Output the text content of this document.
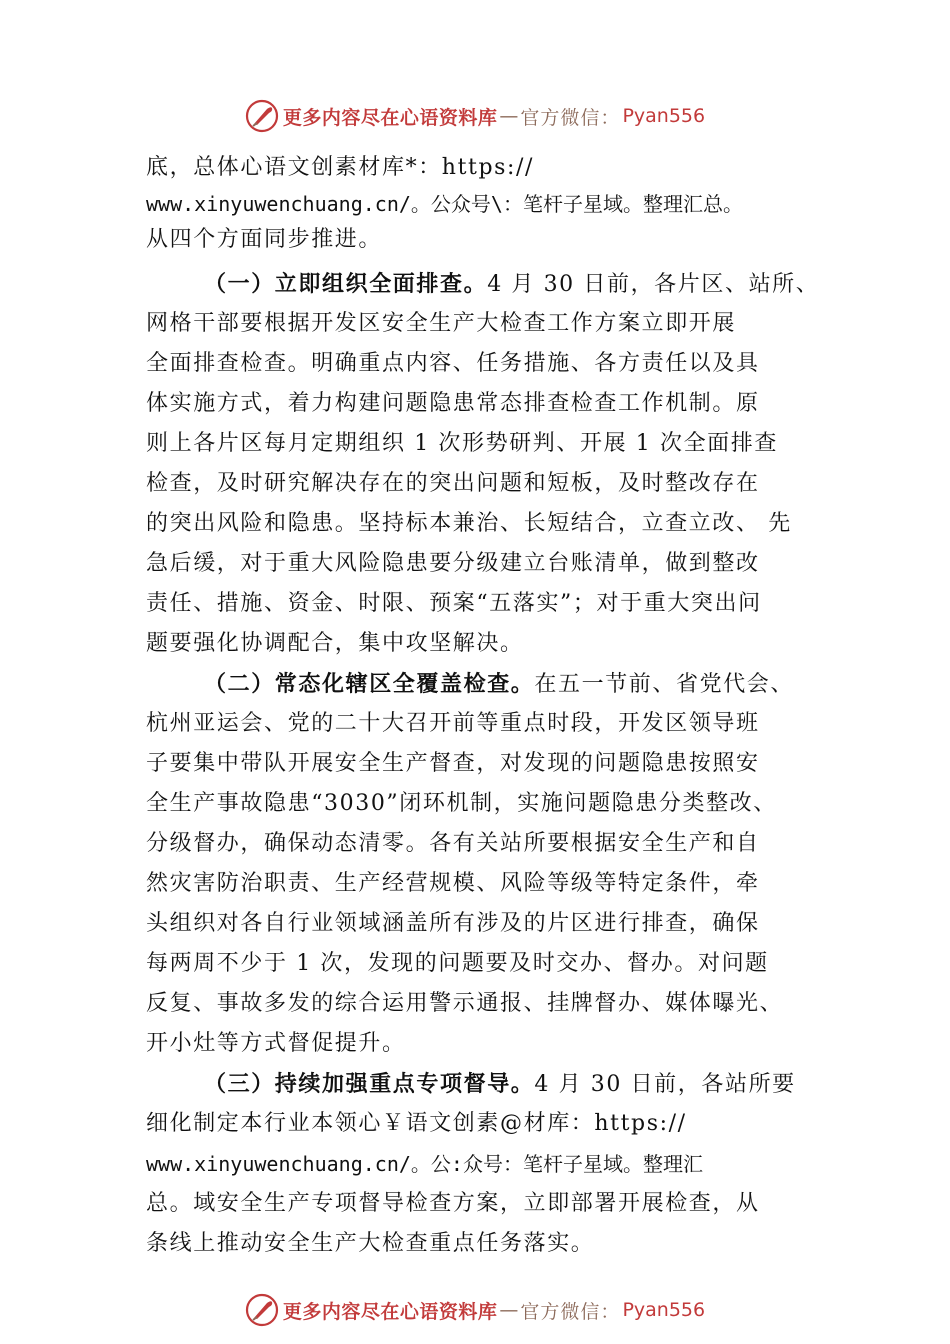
更多内容尽在心语资料库 — 官方微信： Pyan556
底，总体心语文创素材库*：https://
www.xinyuwenchuang.cn/。公众号\：笔杆子星域。整理汇总。
从四个方面同步推进。
（一）立即组织全面排查。4 月 30 日前，各片区、站所、
网格干部要根据开发区安全生产大检查工作方案立即开展
全面排查检查。明确重点内容、任务措施、各方责任以及具
体实施方式，着力构建问题隐患常态排查检查工作机制。原
则上各片区每月定期组织 1 次形势研判、开展 1 次全面排查
检查，及时研究解决存在的突出问题和短板，及时整改存在
的突出风险和隐患。坚持标本兼治、长短结合，立查立改、 先
急后缓，对于重大风险隐患要分级建立台账清单，做到整改
责任、措施、资金、时限、预案“五落实”；对于重大突出问
题要强化协调配合，集中攻坚解决。
（二）常态化辖区全覆盖检查。在五一节前、省党代会、
杭州亚运会、党的二十大召开前等重点时段，开发区领导班
子要集中带队开展安全生产督查，对发现的问题隐患按照安
全生产事故隐患“3030”闭环机制，实施问题隐患分类整改、
分级督办，确保动态清零。各有关站所要根据安全生产和自
然灾害防治职责、生产经营规模、风险等级等特定条件，牵
头组织对各自行业领域涵盖所有涉及的片区进行排查，确保
每两周不少于 1 次，发现的问题要及时交办、督办。对问题
反复、事故多发的综合运用警示通报、挂牌督办、媒体曝光、
开小灶等方式督促提升。
（三）持续加强重点专项督导。4 月 30 日前，各站所要
细化制定本行业本领心￥语文创素@材库：https://
www.xinyuwenchuang.cn/。公:众号：笔杆子星域。整理汇
总。域安全生产专项督导检查方案，立即部署开展检查，从
条线上推动安全生产大检查重点任务落实。
更多内容尽在心语资料库 — 官方微信： Pyan556
